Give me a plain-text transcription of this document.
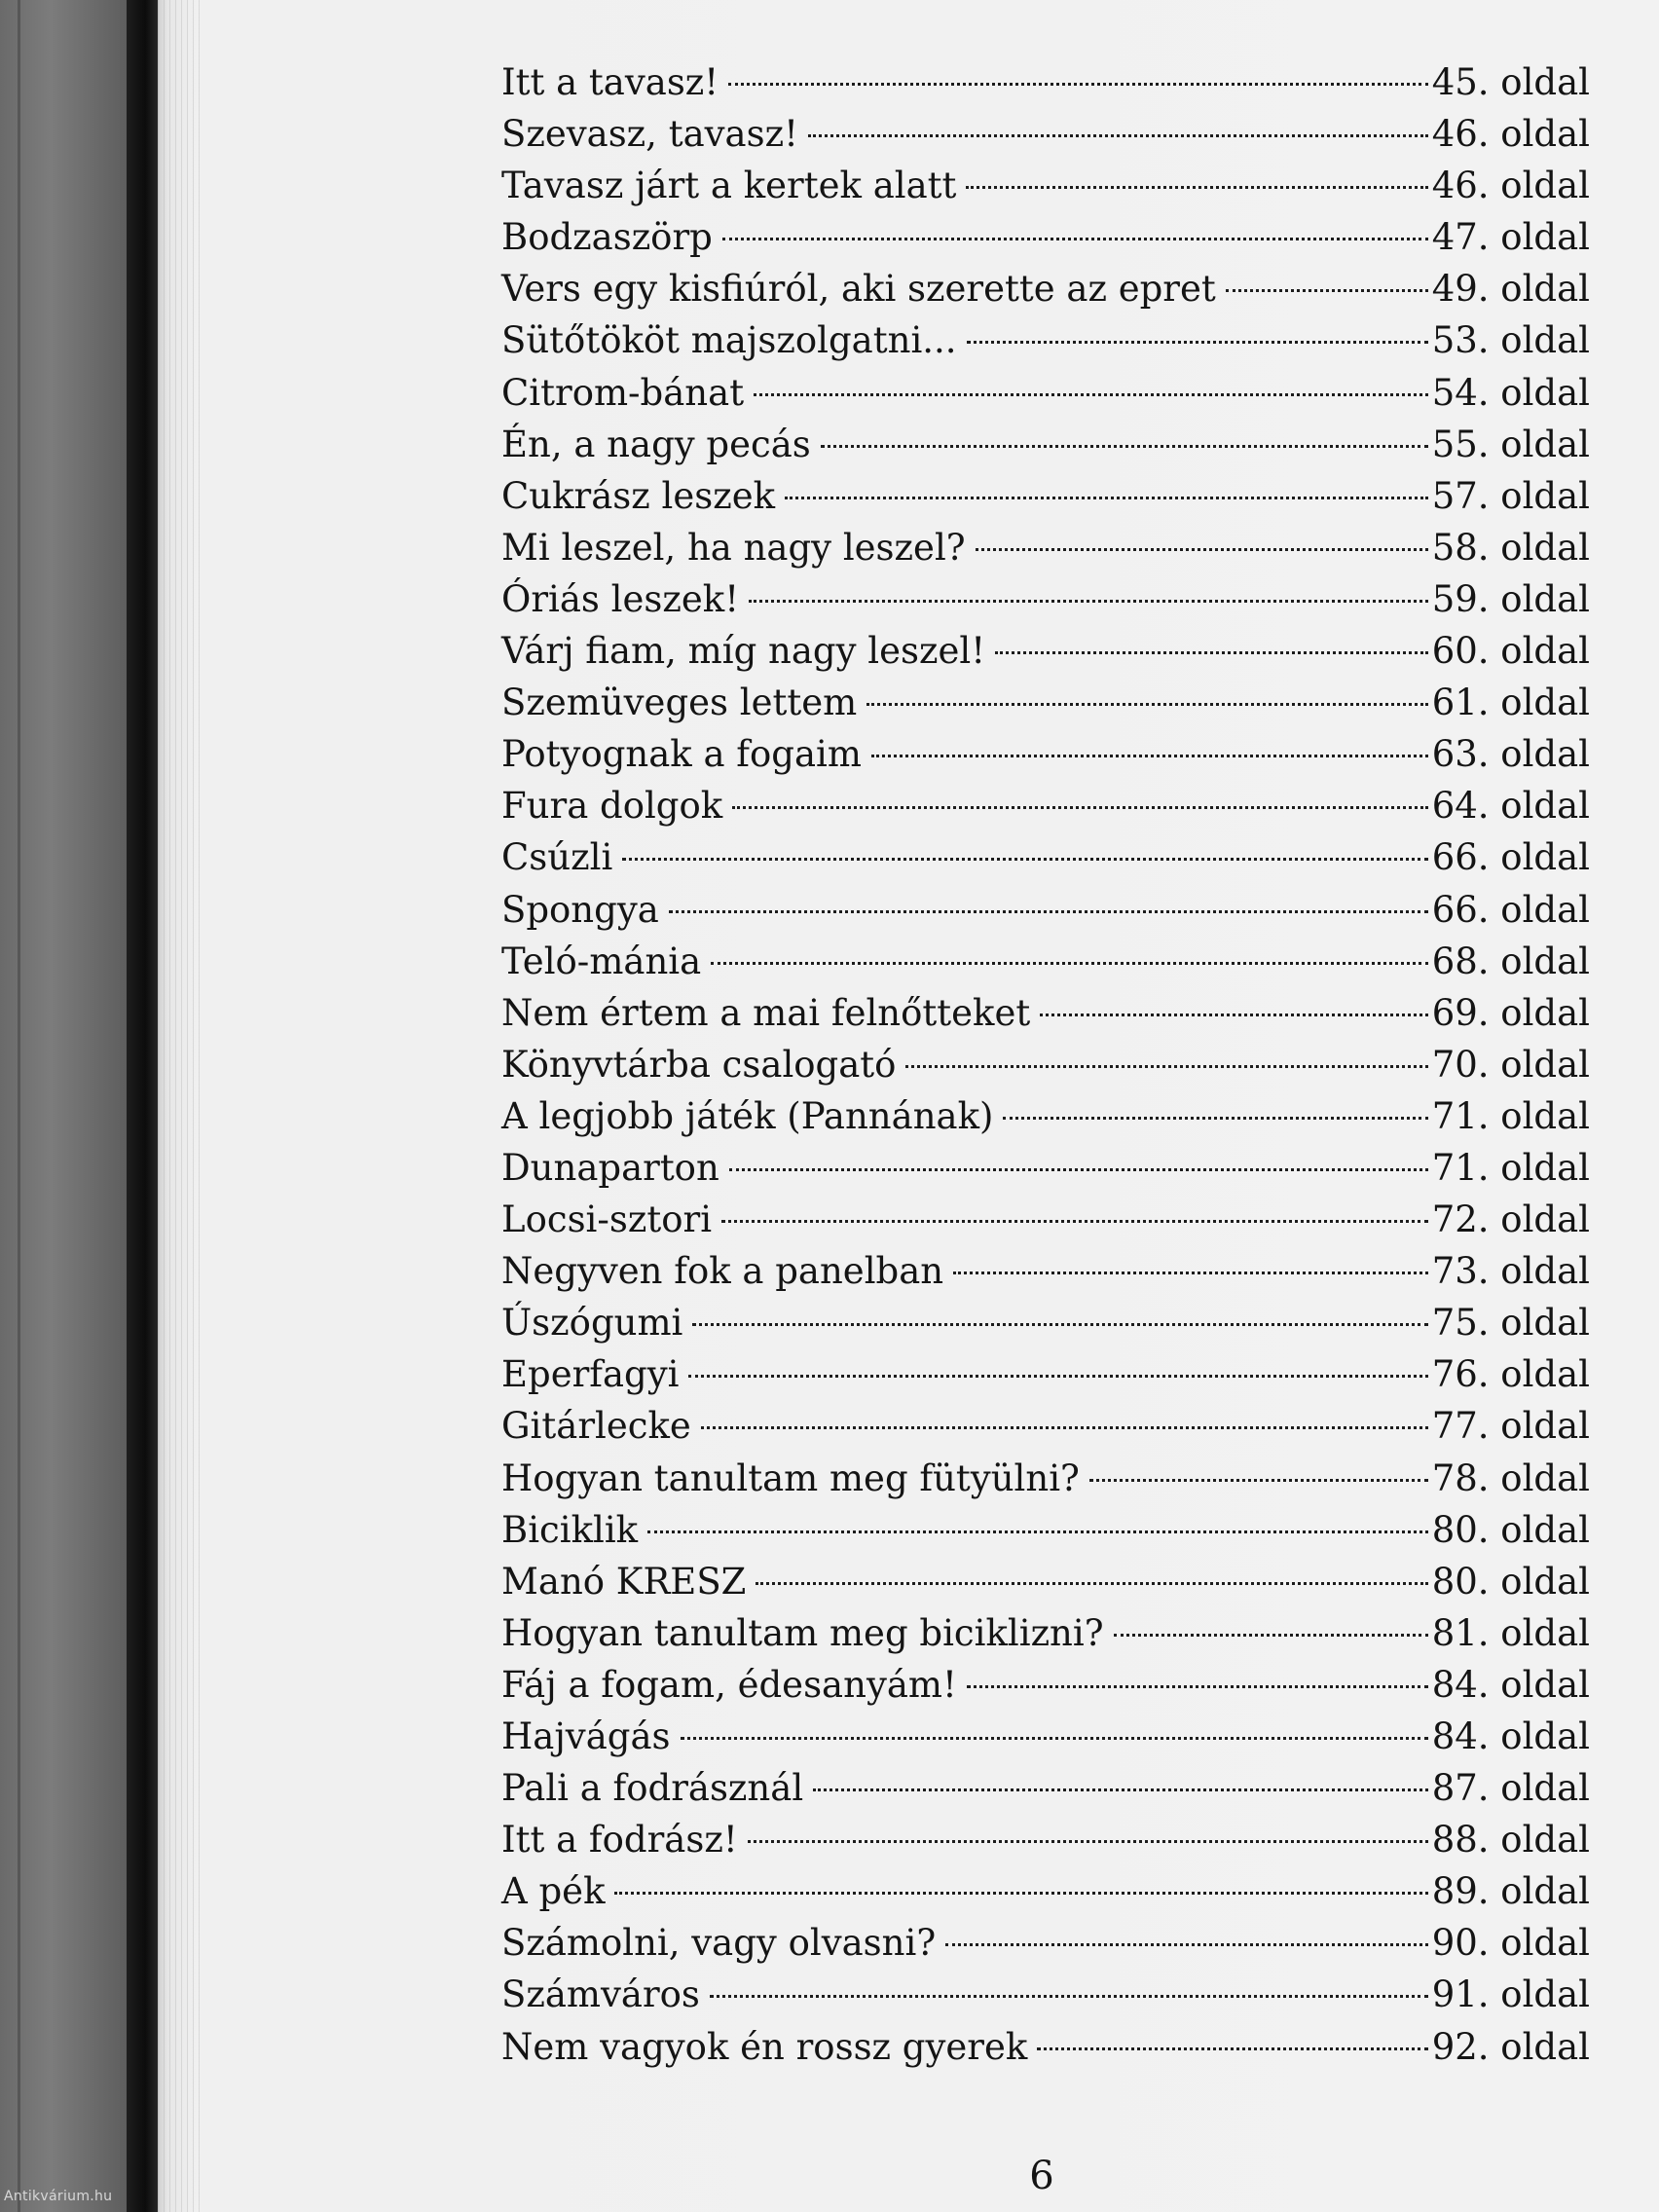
Itt a tavasz!	45. oldal
Szevasz, tavasz!	46. oldal
Tavasz járt a kertek alatt	46. oldal
Bodzaszörp	47. oldal
Vers egy kisfiúról, aki szerette az epret	49. oldal
Sütőtököt majszolgatni...	53. oldal
Citrom-bánat	54. oldal
Én, a nagy pecás	55. oldal
Cukrász leszek	57. oldal
Mi leszel, ha nagy leszel?	58. oldal
Óriás leszek!	59. oldal
Várj fiam, míg nagy leszel!	60. oldal
Szemüveges lettem	61. oldal
Potyognak a fogaim	63. oldal
Fura dolgok	64. oldal
Csúzli	66. oldal
Spongya	66. oldal
Teló-mánia	68. oldal
Nem értem a mai felnőtteket	69. oldal
Könyvtárba csalogató	70. oldal
A legjobb játék (Pannának)	71. oldal
Dunaparton	71. oldal
Locsi-sztori	72. oldal
Negyven fok a panelban	73. oldal
Úszógumi	75. oldal
Eperfagyi	76. oldal
Gitárlecke	77. oldal
Hogyan tanultam meg fütyülni?	78. oldal
Biciklik	80. oldal
Manó KRESZ	80. oldal
Hogyan tanultam meg biciklizni?	81. oldal
Fáj a fogam, édesanyám!	84. oldal
Hajvágás	84. oldal
Pali a fodrásznál	87. oldal
Itt a fodrász!	88. oldal
A pék	89. oldal
Számolni, vagy olvasni?	90. oldal
Számváros	91. oldal
Nem vagyok én rossz gyerek	92. oldal
6
Antikvárium.hu
